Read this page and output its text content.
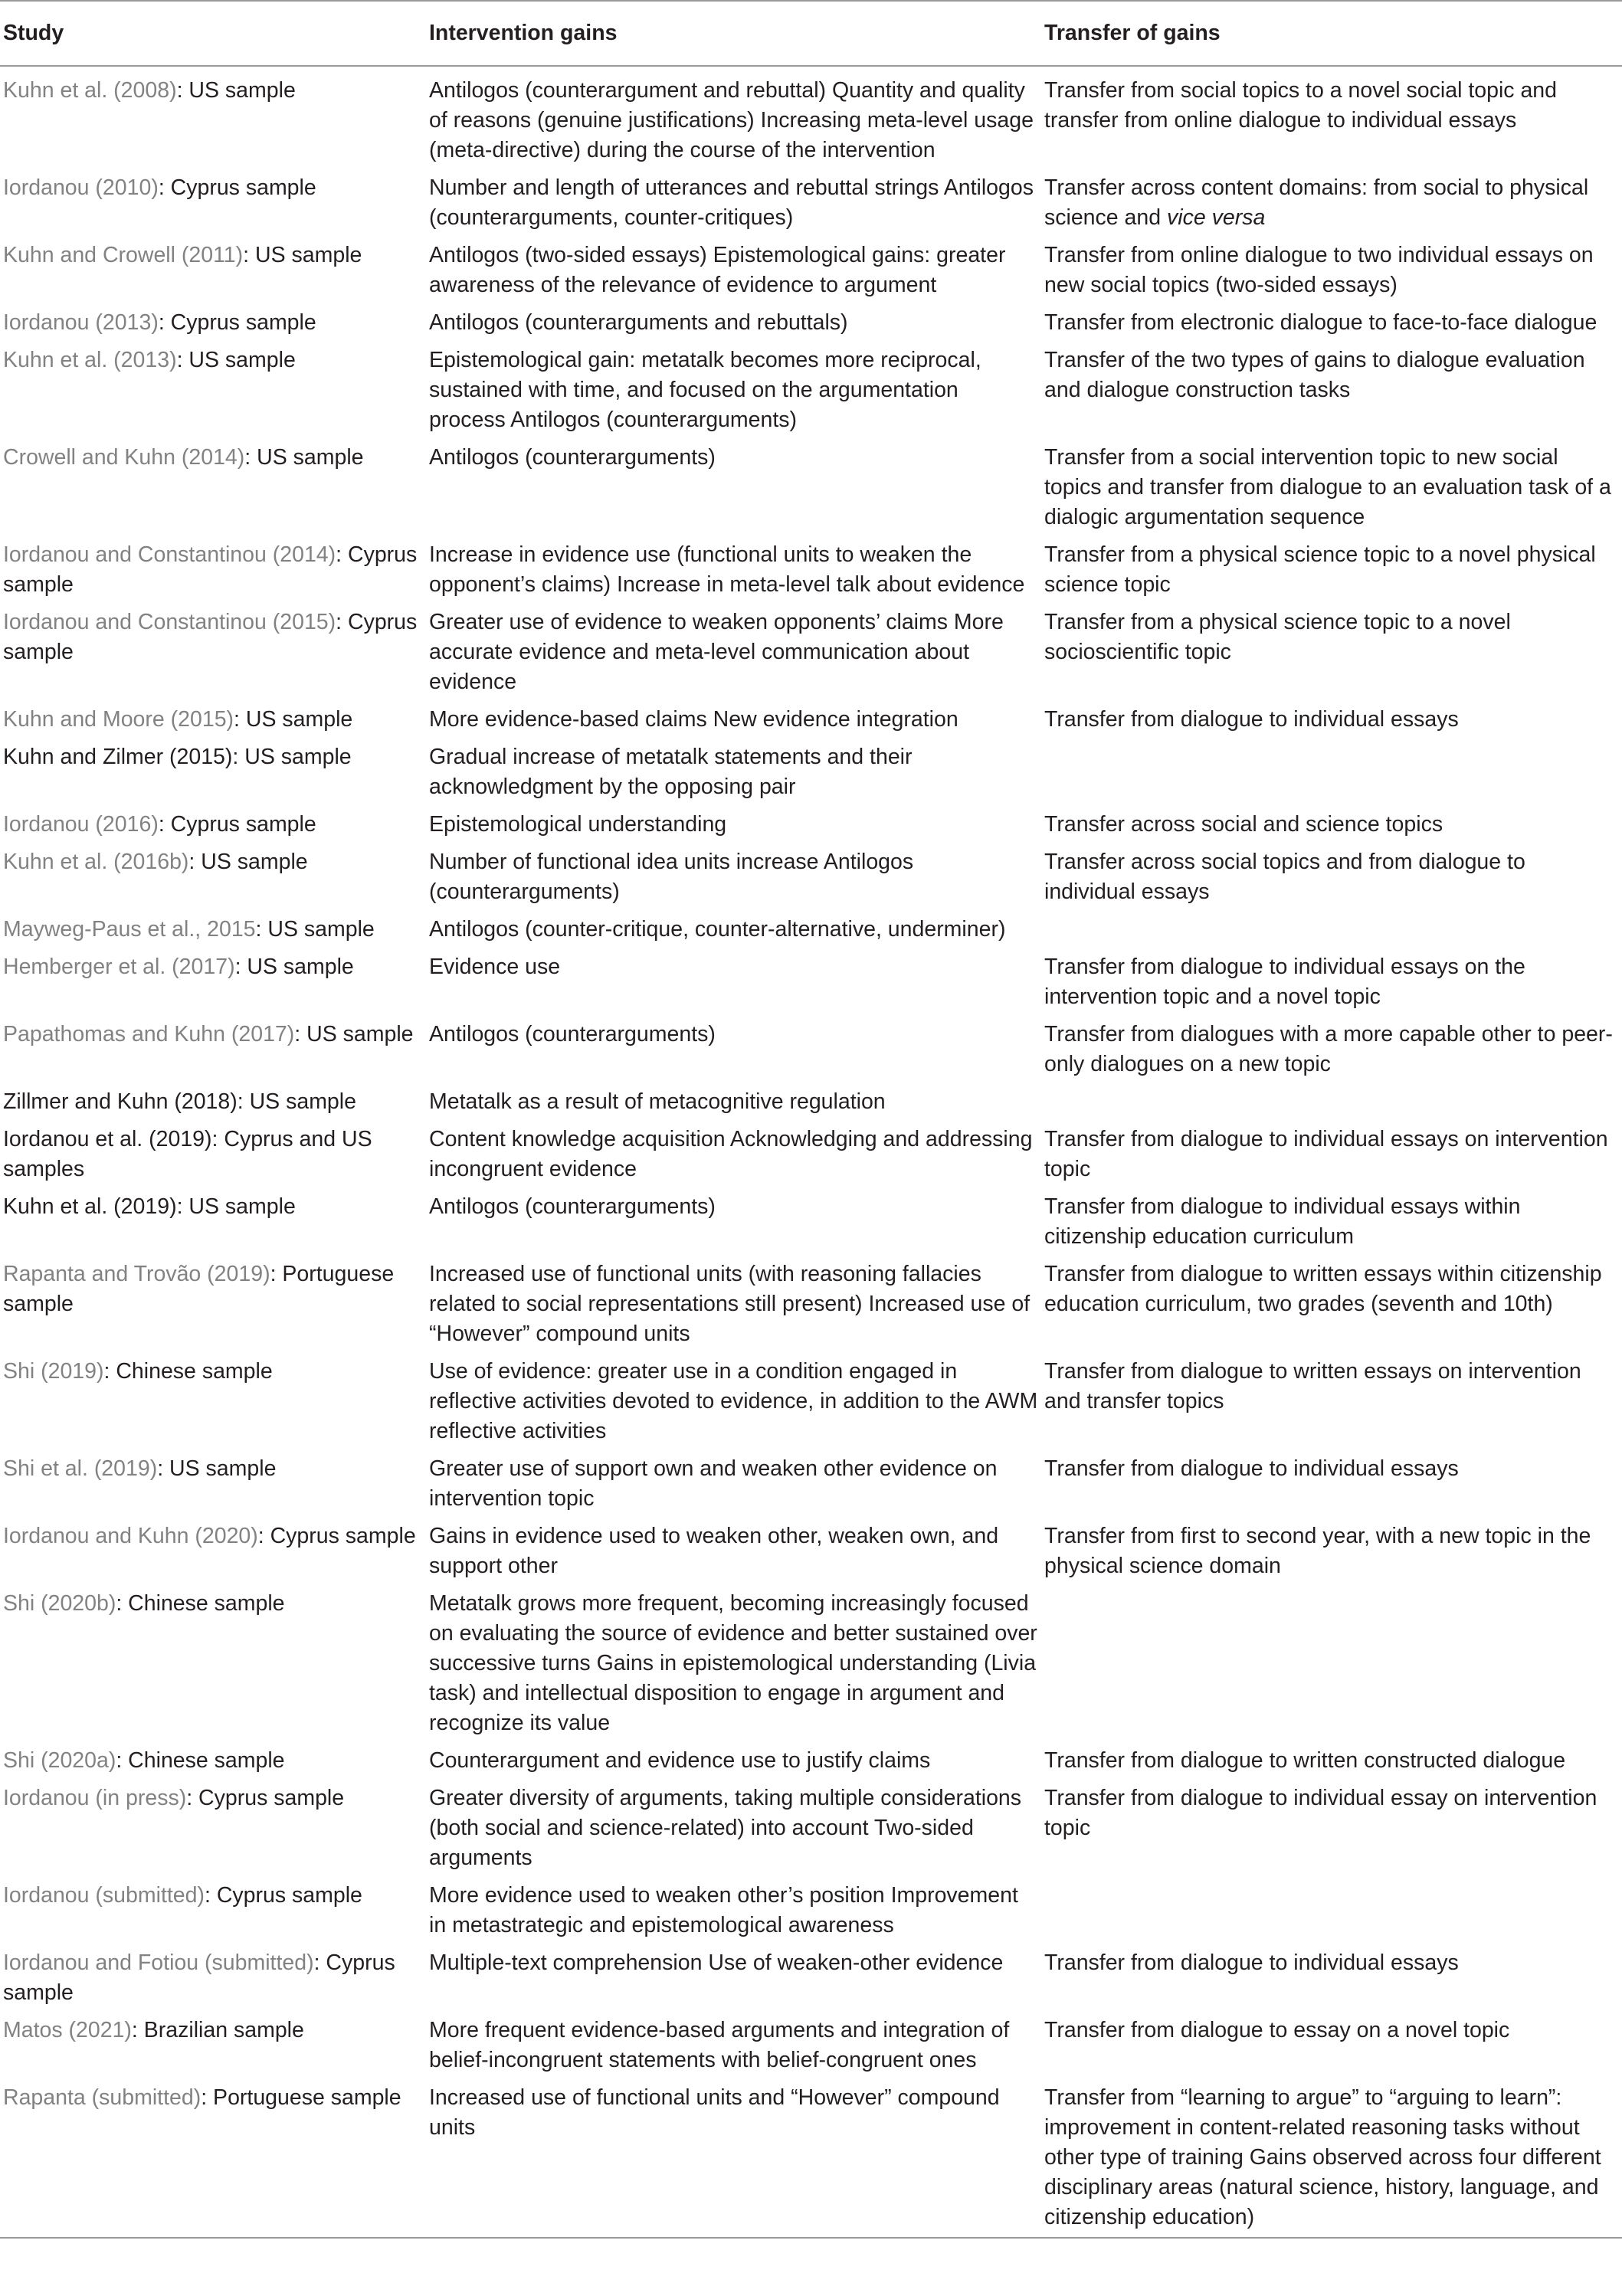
Study	Intervention gains	Transfer of gains
Kuhn et al. (2008): US sample	Antilogos (counterargument and rebuttal) Quantity and quality of reasons (genuine justifications) Increasing meta-level usage (meta-directive) during the course of the intervention	Transfer from social topics to a novel social topic and transfer from online dialogue to individual essays
Iordanou (2010): Cyprus sample	Number and length of utterances and rebuttal strings Antilogos (counterarguments, counter-critiques)	Transfer across content domains: from social to physical science and vice versa
Kuhn and Crowell (2011): US sample	Antilogos (two-sided essays) Epistemological gains: greater awareness of the relevance of evidence to argument	Transfer from online dialogue to two individual essays on new social topics (two-sided essays)
Iordanou (2013): Cyprus sample	Antilogos (counterarguments and rebuttals)	Transfer from electronic dialogue to face-to-face dialogue
Kuhn et al. (2013): US sample	Epistemological gain: metatalk becomes more reciprocal, sustained with time, and focused on the argumentation process Antilogos (counterarguments)	Transfer of the two types of gains to dialogue evaluation and dialogue construction tasks
Crowell and Kuhn (2014): US sample	Antilogos (counterarguments)	Transfer from a social intervention topic to new social topics and transfer from dialogue to an evaluation task of a dialogic argumentation sequence
Iordanou and Constantinou (2014): Cyprus sample	Increase in evidence use (functional units to weaken the opponent’s claims) Increase in meta-level talk about evidence	Transfer from a physical science topic to a novel physical science topic
Iordanou and Constantinou (2015): Cyprus sample	Greater use of evidence to weaken opponents’ claims More accurate evidence and meta-level communication about evidence	Transfer from a physical science topic to a novel socioscientific topic
Kuhn and Moore (2015): US sample	More evidence-based claims New evidence integration	Transfer from dialogue to individual essays
Kuhn and Zilmer (2015): US sample	Gradual increase of metatalk statements and their acknowledgment by the opposing pair	
Iordanou (2016): Cyprus sample	Epistemological understanding	Transfer across social and science topics
Kuhn et al. (2016b): US sample	Number of functional idea units increase Antilogos (counterarguments)	Transfer across social topics and from dialogue to individual essays
Mayweg-Paus et al., 2015: US sample	Antilogos (counter-critique, counter-alternative, underminer)	
Hemberger et al. (2017): US sample	Evidence use	Transfer from dialogue to individual essays on the intervention topic and a novel topic
Papathomas and Kuhn (2017): US sample	Antilogos (counterarguments)	Transfer from dialogues with a more capable other to peer-only dialogues on a new topic
Zillmer and Kuhn (2018): US sample	Metatalk as a result of metacognitive regulation	
Iordanou et al. (2019): Cyprus and US samples	Content knowledge acquisition Acknowledging and addressing incongruent evidence	Transfer from dialogue to individual essays on intervention topic
Kuhn et al. (2019): US sample	Antilogos (counterarguments)	Transfer from dialogue to individual essays within citizenship education curriculum
Rapanta and Trovão (2019): Portuguese sample	Increased use of functional units (with reasoning fallacies related to social representations still present) Increased use of “However” compound units	Transfer from dialogue to written essays within citizenship education curriculum, two grades (seventh and 10th)
Shi (2019): Chinese sample	Use of evidence: greater use in a condition engaged in reflective activities devoted to evidence, in addition to the AWM reflective activities	Transfer from dialogue to written essays on intervention and transfer topics
Shi et al. (2019): US sample	Greater use of support own and weaken other evidence on intervention topic	Transfer from dialogue to individual essays
Iordanou and Kuhn (2020): Cyprus sample	Gains in evidence used to weaken other, weaken own, and support other	Transfer from first to second year, with a new topic in the physical science domain
Shi (2020b): Chinese sample	Metatalk grows more frequent, becoming increasingly focused on evaluating the source of evidence and better sustained over successive turns Gains in epistemological understanding (Livia task) and intellectual disposition to engage in argument and recognize its value	
Shi (2020a): Chinese sample	Counterargument and evidence use to justify claims	Transfer from dialogue to written constructed dialogue
Iordanou (in press): Cyprus sample	Greater diversity of arguments, taking multiple considerations (both social and science-related) into account Two-sided arguments	Transfer from dialogue to individual essay on intervention topic
Iordanou (submitted): Cyprus sample	More evidence used to weaken other’s position Improvement in metastrategic and epistemological awareness	
Iordanou and Fotiou (submitted): Cyprus sample	Multiple-text comprehension Use of weaken-other evidence	Transfer from dialogue to individual essays
Matos (2021): Brazilian sample	More frequent evidence-based arguments and integration of belief-incongruent statements with belief-congruent ones	Transfer from dialogue to essay on a novel topic
Rapanta (submitted): Portuguese sample	Increased use of functional units and “However” compound units	Transfer from “learning to argue” to “arguing to learn”: improvement in content-related reasoning tasks without other type of training Gains observed across four different disciplinary areas (natural science, history, language, and citizenship education)
